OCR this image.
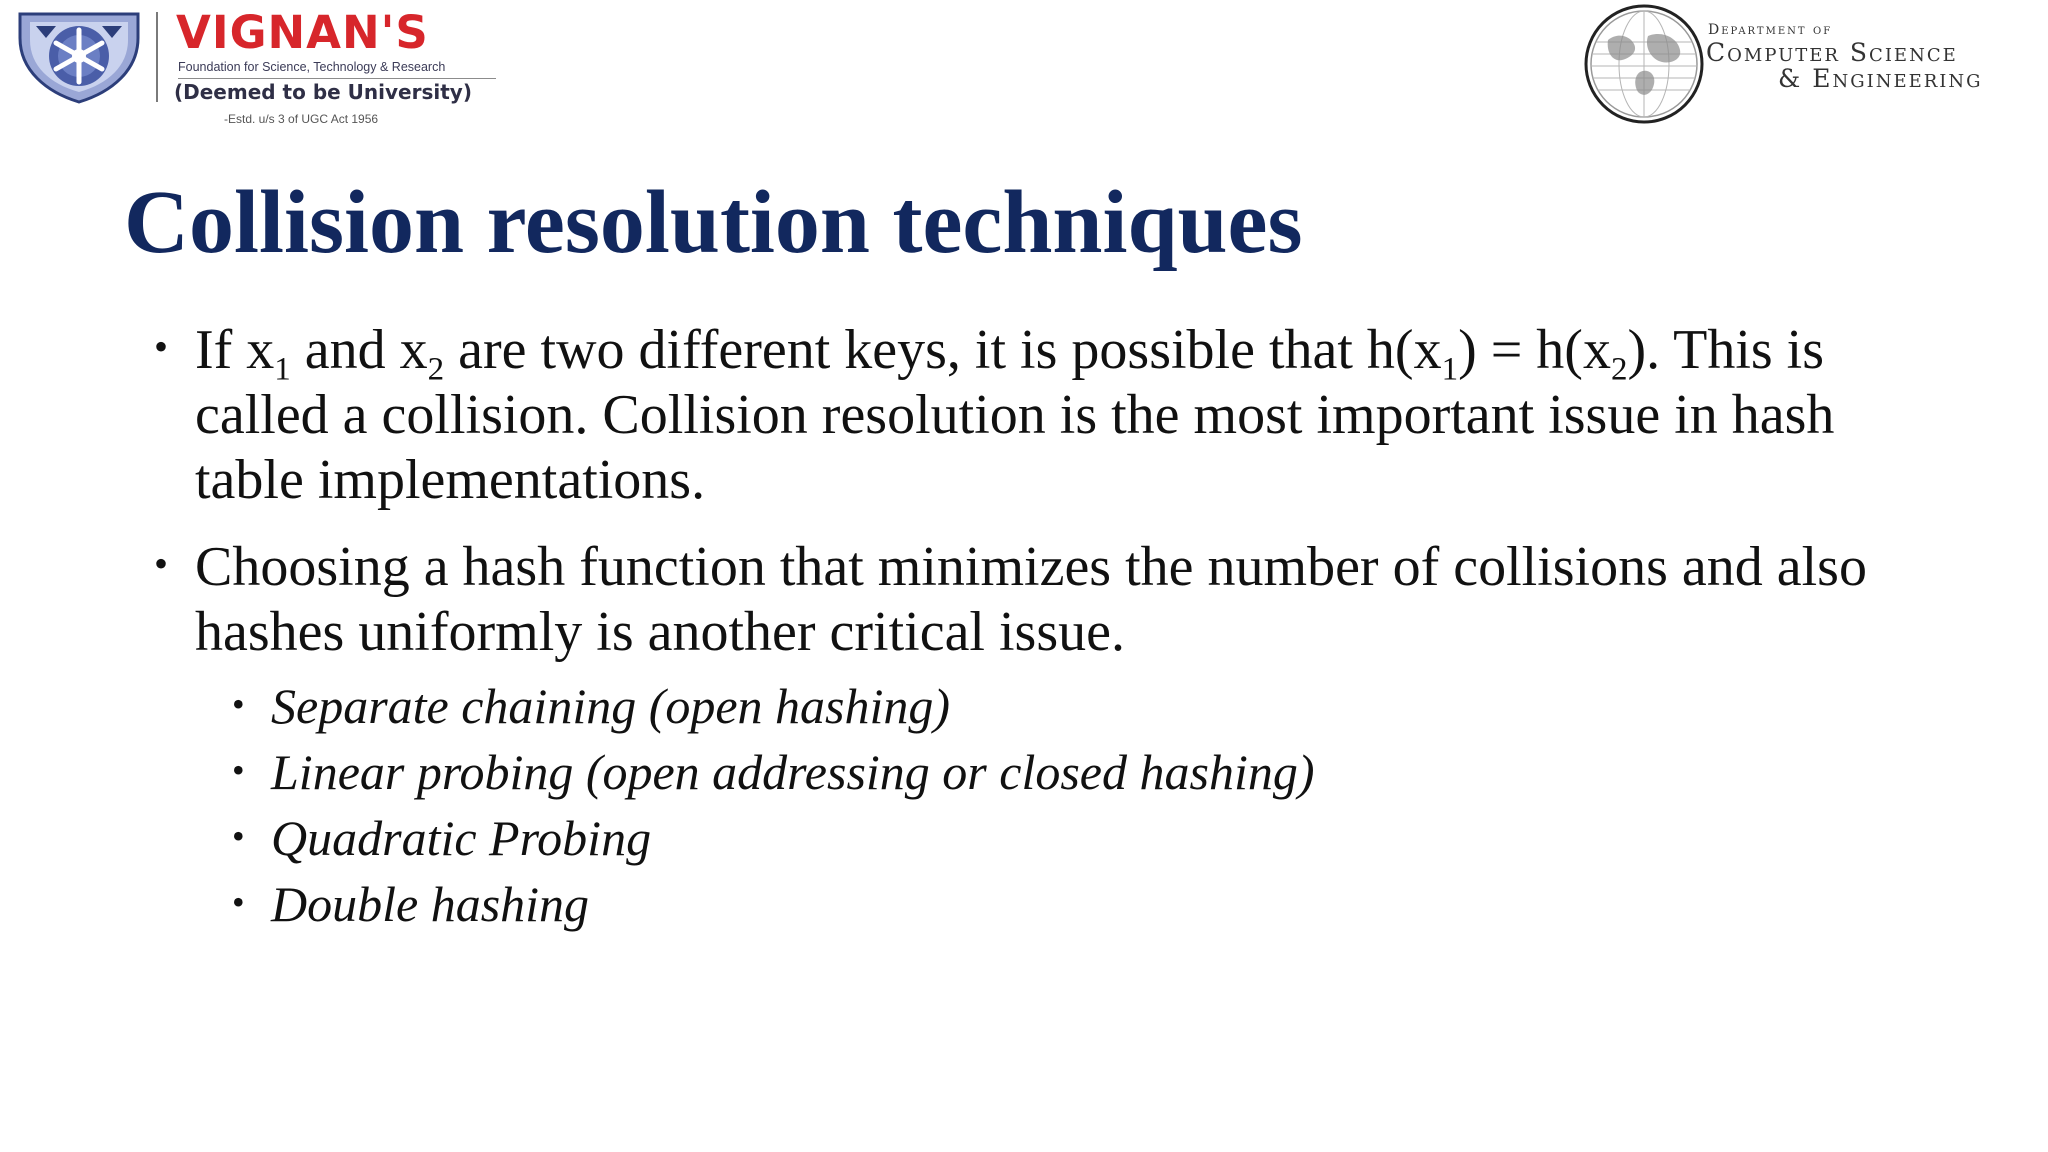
VIGNAN'S
Foundation for Science, Technology & Research
(Deemed to be University)
-Estd. u/s 3 of UGC Act 1956
Department of
Computer Science
& Engineering
Collision resolution techniques
• If $x_1$ and $x_2$ are two different keys, it is possible that $h(x_1) = h(x_2)$. This is called a collision. Collision resolution is the most important issue in hash table implementations.
• Choosing a hash function that minimizes the number of collisions and also hashes uniformly is another critical issue.
• Separate chaining (open hashing)
• Linear probing (open addressing or closed hashing)
• Quadratic Probing
• Double hashing
